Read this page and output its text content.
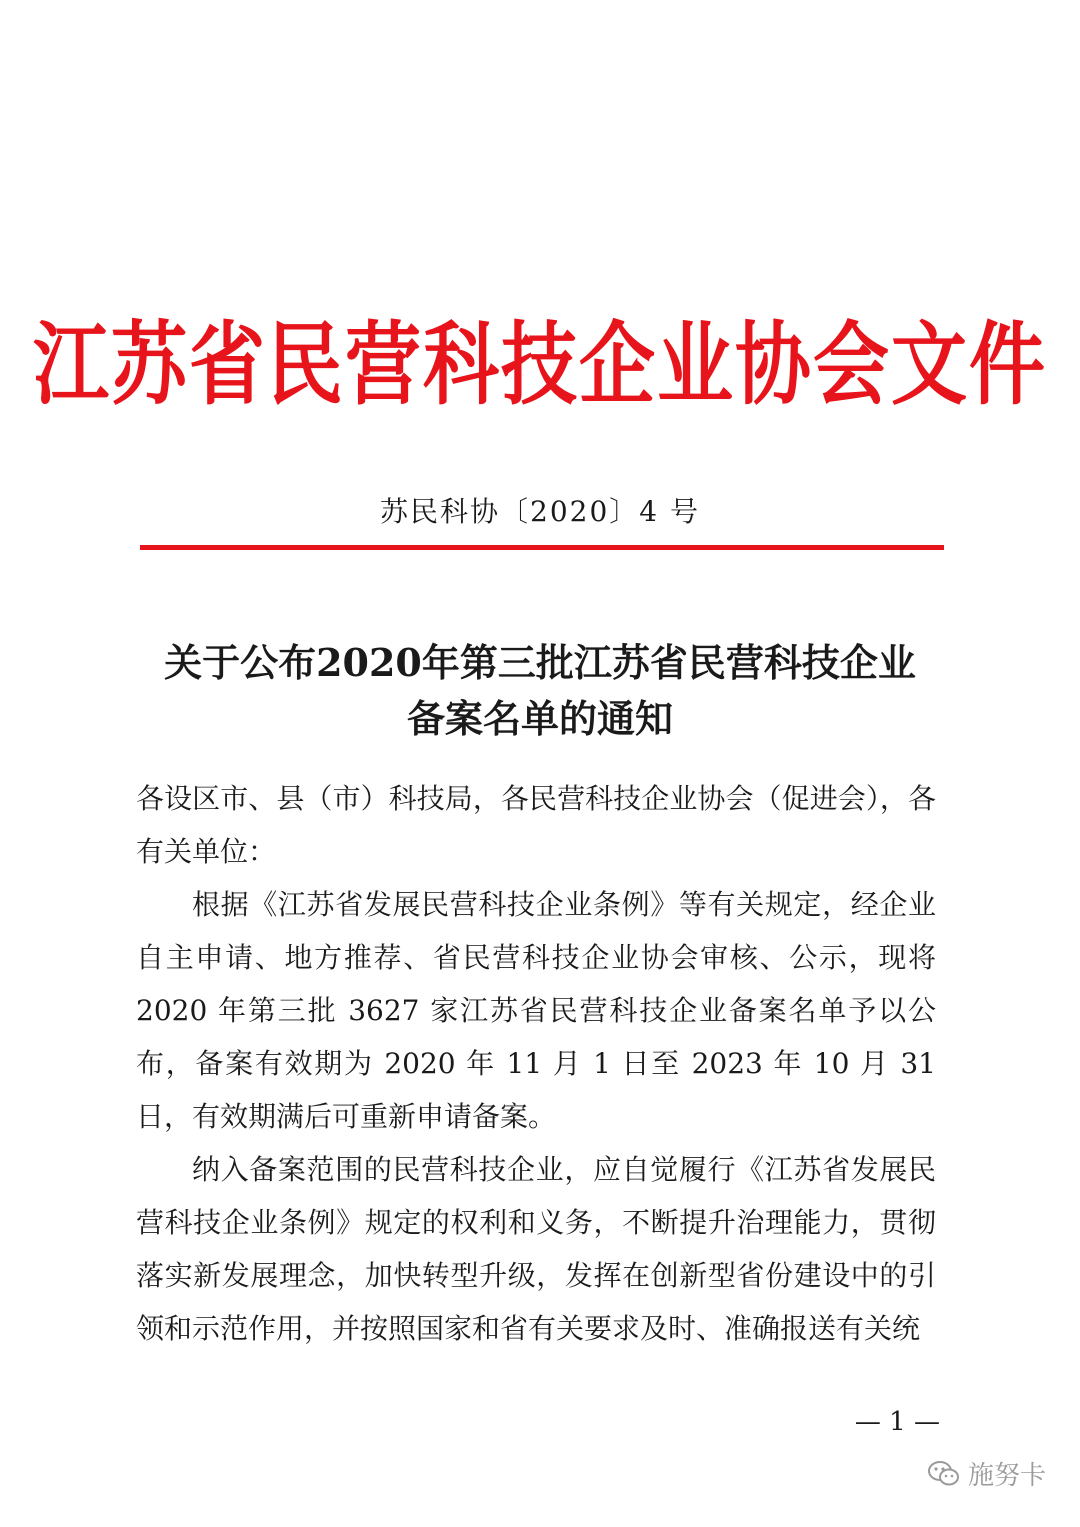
江苏省民营科技企业协会文件
苏民科协〔2020〕4 号
关于公布2020年第三批江苏省民营科技企业
备案名单的通知

各设区市、县（市）科技局，各民营科技企业协会（促进会），各有关单位：

根据《江苏省发展民营科技企业条例》等有关规定，经企业自主申请、地方推荐、省民营科技企业协会审核、公示，现将2020 年第三批 3627 家江苏省民营科技企业备案名单予以公布，备案有效期为 2020 年 11 月 1 日至 2023 年 10 月 31 日，有效期满后可重新申请备案。

纳入备案范围的民营科技企业，应自觉履行《江苏省发展民营科技企业条例》规定的权利和义务，不断提升治理能力，贯彻落实新发展理念，加快转型升级，发挥在创新型省份建设中的引领和示范作用，并按照国家和省有关要求及时、准确报送有关统

— 1 —
施努卡
